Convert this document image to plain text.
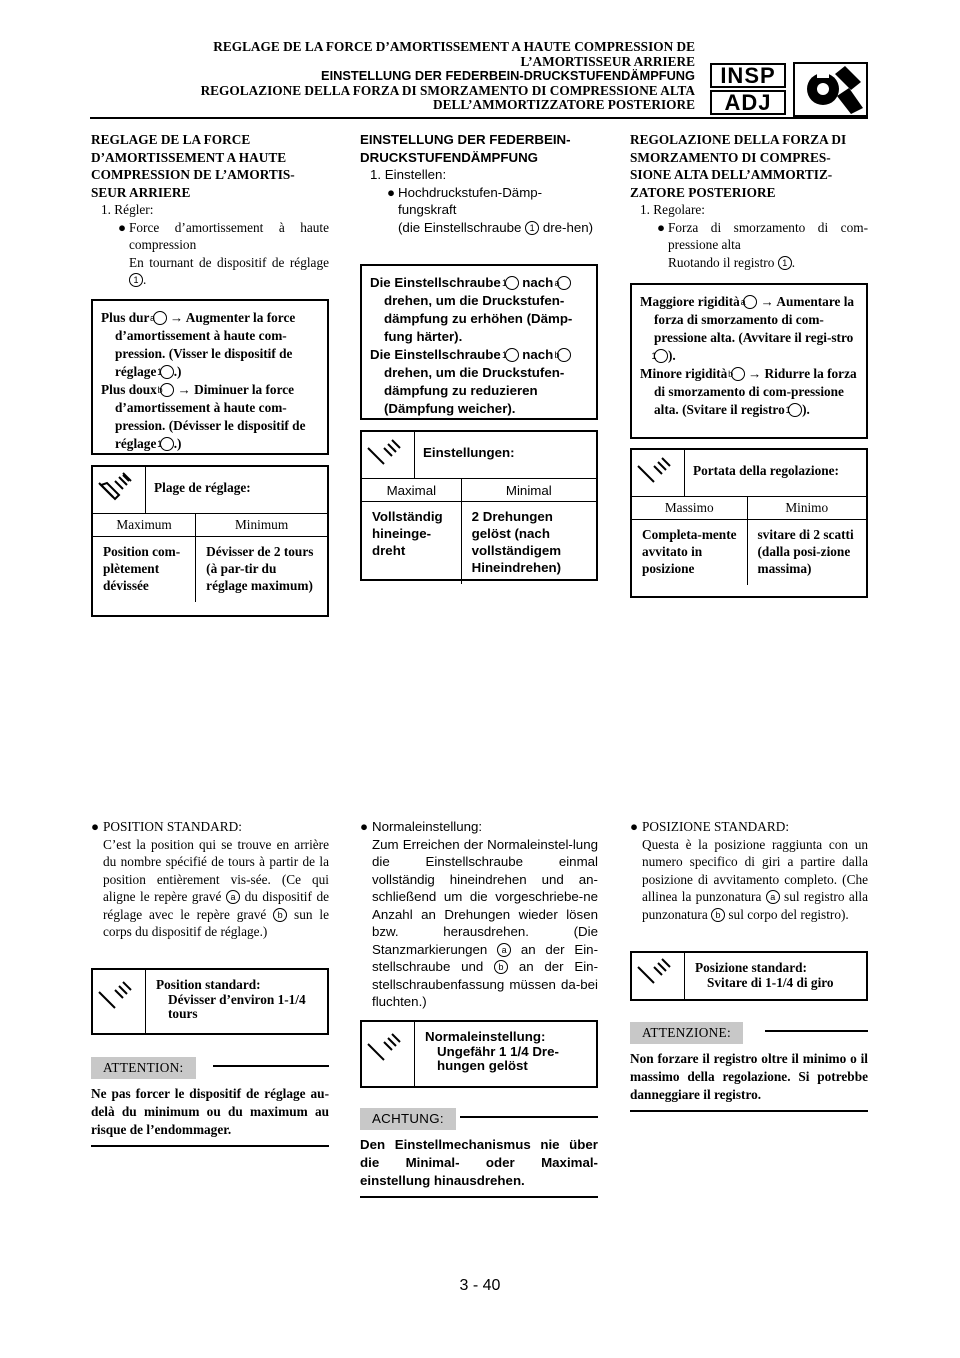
REGLAGE DE LA FORCE D’AMORTISSEMENT A HAUTE COMPRESSION DE
L’AMORTISSEUR ARRIERE
EINSTELLUNG DER FEDERBEIN-DRUCKSTUFENDÄMPFUNG
REGOLAZIONE DELLA FORZA DI SMORZAMENTO DI COMPRESSIONE ALTA
DELL’AMMORTIZZATORE POSTERIORE
INSP
ADJ
REGLAGE DE LA FORCE D’AMORTISSEMENT A HAUTE COMPRESSION DE L’AMORTIS-SEUR ARRIERE
1. Régler:
● Force d’amortissement à haute compression
En tournant de dispositif de réglage 1 .

Plus dur a → Augmenter la force d’amortissement à haute com-pression. (Visser le dispositif de réglage 1 .)

Plus doux b → Diminuer la force d’amortissement à haute com-pression. (Dévisser le dispositif de réglage 1 .)

Plage de réglage:
Maximum	Minimum
Position com-plètement dévissée	Dévisser de 2 tours (à par-tir du réglage maximum)
EINSTELLUNG DER FEDERBEIN-DRUCKSTUFENDÄMPFUNG
1. Einstellen:
● Hochdruckstufen-Dämp-fungskraft
(die Einstellschraube 1 dre-hen)

Die Einstellschraube 1 nach a drehen, um die Druckstufen-dämpfung zu erhöhen (Dämp-fung härter).

Die Einstellschraube 1 nach b drehen, um die Druckstufen-dämpfung zu reduzieren (Dämpfung weicher).

Einstellungen:
Maximal	Minimal
Vollständig hineinge-dreht	2 Drehungen gelöst (nach vollständigem Hineindrehen)
REGOLAZIONE DELLA FORZA DI SMORZAMENTO DI COMPRES-SIONE ALTA DELL’AMMORTIZ-ZATORE POSTERIORE
1. Regolare:
● Forza di smorzamento di com-pressione alta
Ruotando il registro 1 .

Maggiore rigidità a → Aumentare la forza di smorzamento di com-pressione alta. (Avvitare il regi-stro 1 ).

Minore rigidità b → Ridurre la forza di smorzamento di com-pressione alta. (Svitare il registro 1 ).

Portata della regolazione:
Massimo	Minimo
Completa-mente avvitato in posizione	svitare di 2 scatti (dalla posi-zione massima)
● POSITION STANDARD:
C’est la position qui se trouve en arrière du nombre spécifié de tours à partir de la position entièrement vis-sée. (Ce qui aligne le repère gravé a du dispositif de réglage avec le repère gravé b sun le corps du dispositif de réglage.)
Position standard:
Dévisser d’environ 1-1/4 tours
ATTENTION:
Ne pas forcer le dispositif de réglage au-delà du minimum ou du maximum au risque de l’endommager.
● Normaleinstellung:
Zum Erreichen der Normaleinstel-lung die Einstellschraube einmal vollständig hineindrehen und an-schließend um die vorgeschriebe-ne Anzahl an Drehungen wieder lösen bzw. herausdrehen. (Die Stanzmarkierungen a an der Ein-stellschraube und b an der Ein-stellschraubenfassung müssen da-bei fluchten.)
Normaleinstellung:
Ungefähr 1 1/4 Dre-hungen gelöst
ACHTUNG:
Den Einstellmechanismus nie über die Minimal- oder Maximal-einstellung hinausdrehen.
● POSIZIONE STANDARD:
Questa è la posizione raggiunta con un numero specifico di giri a partire dalla posizione di avvitamento completo. (Che allinea la punzonatura a sul registro alla punzonatura b sul corpo del registro).
Posizione standard:
Svitare di 1-1/4 di giro
ATTENZIONE:
Non forzare il registro oltre il minimo o il massimo della regolazione. Si potrebbe danneggiare il registro.
3 - 40
